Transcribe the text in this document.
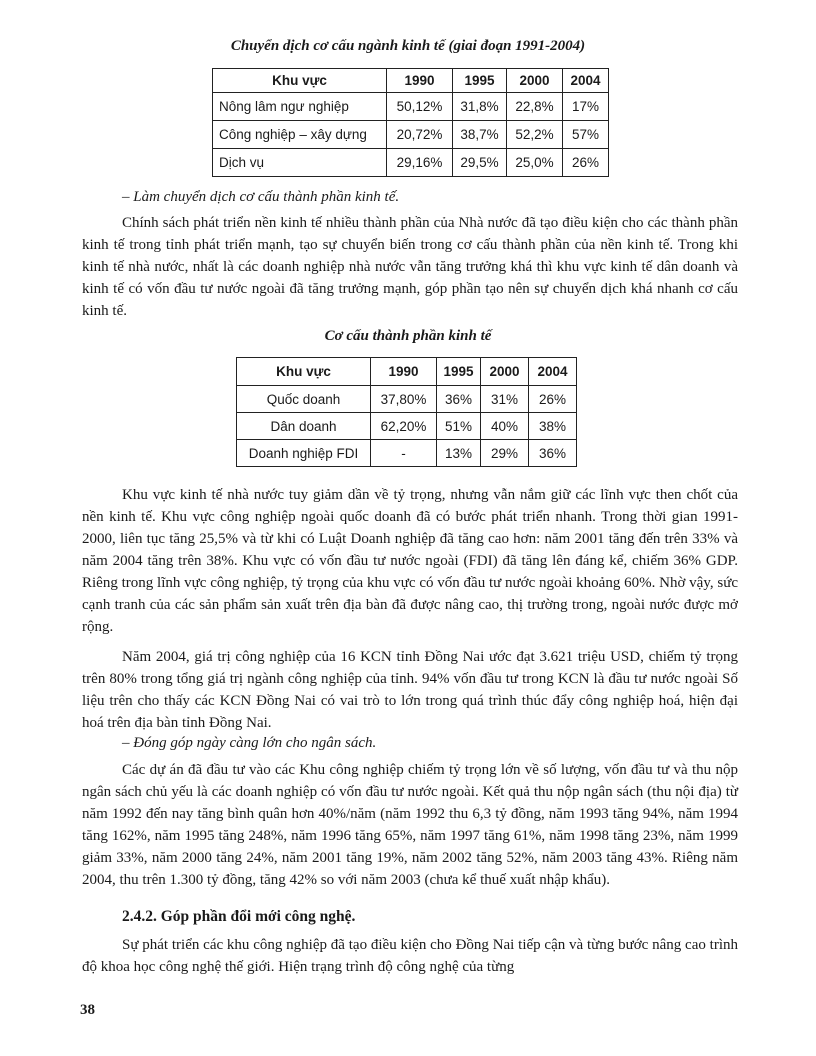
Chuyển dịch cơ cấu ngành kinh tế (giai đoạn 1991-2004)
Khu vực	1990	1995	2000	2004
Nông lâm ngư nghiệp	50,12%	31,8%	22,8%	17%
Công nghiệp – xây dựng	20,72%	38,7%	52,2%	57%
Dịch vụ	29,16%	29,5%	25,0%	26%
– Làm chuyển dịch cơ cấu thành phần kinh tế.

Chính sách phát triển nền kinh tế nhiều thành phần của Nhà nước đã tạo điều kiện cho các thành phần kinh tế trong tỉnh phát triển mạnh, tạo sự chuyển biến trong cơ cấu thành phần của nền kinh tế. Trong khi kinh tế nhà nước, nhất là các doanh nghiệp nhà nước vẫn tăng trưởng khá thì khu vực kinh tế dân doanh và kinh tế có vốn đầu tư nước ngoài đã tăng trưởng mạnh, góp phần tạo nên sự chuyển dịch khá nhanh cơ cấu kinh tế.

Cơ cấu thành phần kinh tế
Khu vực	1990	1995	2000	2004
Quốc doanh	37,80%	36%	31%	26%
Dân doanh	62,20%	51%	40%	38%
Doanh nghiệp FDI	-	13%	29%	36%

Khu vực kinh tế nhà nước tuy giảm dần về tỷ trọng, nhưng vẫn nắm giữ các lĩnh vực then chốt của nền kinh tế. Khu vực công nghiệp ngoài quốc doanh đã có bước phát triển nhanh. Trong thời gian 1991-2000, liên tục tăng 25,5% và từ khi có Luật Doanh nghiệp đã tăng cao hơn: năm 2001 tăng đến trên 33% và năm 2004 tăng trên 38%. Khu vực có vốn đầu tư nước ngoài (FDI) đã tăng lên đáng kể, chiếm 36% GDP. Riêng trong lĩnh vực công nghiệp, tỷ trọng của khu vực có vốn đầu tư nước ngoài khoảng 60%. Nhờ vậy, sức cạnh tranh của các sản phẩm sản xuất trên địa bàn đã được nâng cao, thị trường trong, ngoài nước được mở rộng.

Năm 2004, giá trị công nghiệp của 16 KCN tỉnh Đồng Nai ước đạt 3.621 triệu USD, chiếm tỷ trọng trên 80% trong tổng giá trị ngành công nghiệp của tỉnh. 94% vốn đầu tư trong KCN là đầu tư nước ngoài Số liệu trên cho thấy các KCN Đồng Nai có vai trò to lớn trong quá trình thúc đẩy công nghiệp hoá, hiện đại hoá trên địa bàn tỉnh Đồng Nai.

– Đóng góp ngày càng lớn cho ngân sách.

Các dự án đã đầu tư vào các Khu công nghiệp chiếm tỷ trọng lớn về số lượng, vốn đầu tư và thu nộp ngân sách chủ yếu là các doanh nghiệp có vốn đầu tư nước ngoài. Kết quả thu nộp ngân sách (thu nội địa) từ năm 1992 đến nay tăng bình quân hơn 40%/năm (năm 1992 thu 6,3 tỷ đồng, năm 1993 tăng 94%, năm 1994 tăng 162%, năm 1995 tăng 248%, năm 1996 tăng 65%, năm 1997 tăng 61%, năm 1998 tăng 23%, năm 1999 giảm 33%, năm 2000 tăng 24%, năm 2001 tăng 19%, năm 2002 tăng 52%, năm 2003 tăng 43%. Riêng năm 2004, thu trên 1.300 tỷ đồng, tăng 42% so với năm 2003 (chưa kể thuế xuất nhập khẩu).

2.4.2. Góp phần đổi mới công nghệ.

Sự phát triển các khu công nghiệp đã tạo điều kiện cho Đồng Nai tiếp cận và từng bước nâng cao trình độ khoa học công nghệ thế giới. Hiện trạng trình độ công nghệ của từng

38
